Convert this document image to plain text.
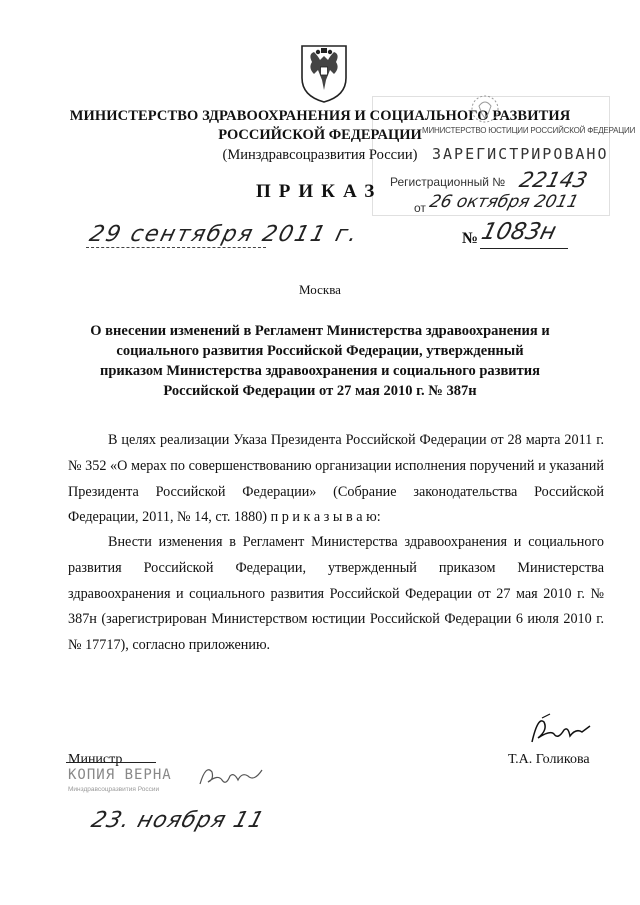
МИНИСТЕРСТВО ЗДРАВООХРАНЕНИЯ И СОЦИАЛЬНОГО РАЗВИТИЯ
РОССИЙСКОЙ ФЕДЕРАЦИИ
(Минздравсоцразвития России)
ПРИКАЗ
МИНИСТЕРСТВО ЮСТИЦИИ РОССИЙСКОЙ ФЕДЕРАЦИИ
ЗАРЕГИСТРИРОВАНО
Регистрационный № 22143
от 26 октября 2011
29 сентября 2011 г.	№ 1083н
Москва
О внесении изменений в Регламент Министерства здравоохранения и социального развития Российской Федерации, утвержденный приказом Министерства здравоохранения и социального развития Российской Федерации от 27 мая 2010 г. № 387н
В целях реализации Указа Президента Российской Федерации от 28 марта 2011 г. № 352 «О мерах по совершенствованию организации исполнения поручений и указаний Президента Российской Федерации» (Собрание законодательства Российской Федерации, 2011, № 14, ст. 1880) п р и к а з ы в а ю:
Внести изменения в Регламент Министерства здравоохранения и социального развития Российской Федерации, утвержденный приказом Министерства здравоохранения и социального развития Российской Федерации от 27 мая 2010 г. № 387н (зарегистрирован Министерством юстиции Российской Федерации 6 июля 2010 г. № 17717), согласно приложению.
Министр	Т.А. Голикова
КОПИЯ ВЕРНА
Минздравсоцразвития России
23. ноября 11
